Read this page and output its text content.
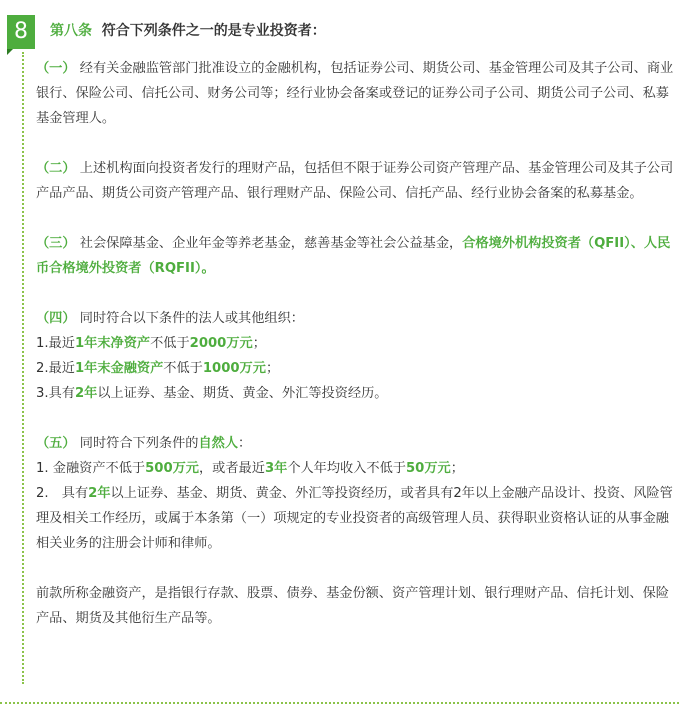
8	第八条 符合下列条件之一的是专业投资者：

（一） 经有关金融监管部门批准设立的金融机构，包括证券公司、期货公司、基金管理公司及其子公司、商业银行、保险公司、信托公司、财务公司等；经行业协会备案或登记的证券公司子公司、期货公司子公司、私募基金管理人。

（二） 上述机构面向投资者发行的理财产品，包括但不限于证券公司资产管理产品、基金管理公司及其子公司产品产品、期货公司资产管理产品、银行理财产品、保险公司、信托产品、经行业协会备案的私募基金。

（三） 社会保障基金、企业年金等养老基金，慈善基金等社会公益基金，合格境外机构投资者（QFII）、人民币合格境外投资者（RQFII）。

（四） 同时符合以下条件的法人或其他组织：

1.最近1年末净资产不低于2000万元；

2.最近1年末金融资产不低于1000万元；

3.具有2年以上证券、基金、期货、黄金、外汇等投资经历。

（五） 同时符合下列条件的自然人：

1. 金融资产不低于500万元，或者最近3年个人年均收入不低于50万元；

2.　具有2年以上证券、基金、期货、黄金、外汇等投资经历，或者具有2年以上金融产品设计、投资、风险管理及相关工作经历，或属于本条第（一）项规定的专业投资者的高级管理人员、获得职业资格认证的从事金融相关业务的注册会计师和律师。

前款所称金融资产，是指银行存款、股票、债券、基金份额、资产管理计划、银行理财产品、信托计划、保险产品、期货及其他衍生产品等。
